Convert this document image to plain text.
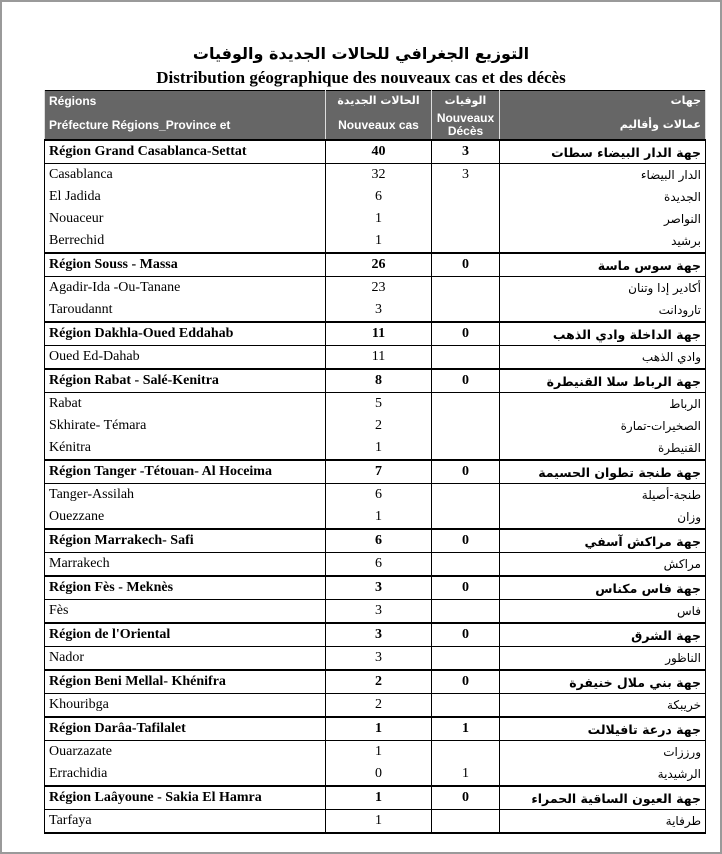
التوزيع الجغرافي للحالات الجديدة والوفيات
Distribution géographique des nouveaux cas et des décès
Régions	الحالات الجديدة	الوفيات	جهات
Préfecture Régions_Province et	Nouveaux cas	Nouveaux Décès	عمالات وأقاليم
Région Grand Casablanca-Settat	40	3	جهة الدار البيضاء سطات
Casablanca	32	3	الدار البيضاء
El Jadida	6		الجديدة
Nouaceur	1		النواصر
Berrechid	1		برشيد
Région Souss - Massa	26	0	جهة سوس ماسة
Agadir-Ida -Ou-Tanane	23		أكادير إدا وتنان
Taroudannt	3		تارودانت
Région Dakhla-Oued Eddahab	11	0	جهة الداخلة وادي الذهب
Oued Ed-Dahab	11		وادي الذهب
Région Rabat - Salé-Kenitra	8	0	جهة الرباط سلا القنيطرة
Rabat	5		الرباط
Skhirate- Témara	2		الصخيرات-تمارة
Kénitra	1		القنيطرة
Région Tanger -Tétouan- Al Hoceima	7	0	جهة طنجة تطوان الحسيمة
Tanger-Assilah	6		طنجة-أصيلة
Ouezzane	1		وزان
Région Marrakech- Safi	6	0	جهة مراكش آسفي
Marrakech	6		مراكش
Région Fès - Meknès	3	0	جهة فاس مكناس
Fès	3		فاس
Région de l'Oriental	3	0	جهة الشرق
Nador	3		الناظور
Région Beni Mellal- Khénifra	2	0	جهة بني ملال خنيفرة
Khouribga	2		خريبكة
Région Darâa-Tafilalet	1	1	جهة درعة تافيلالت
Ouarzazate	1		ورززات
Errachidia	0	1	الرشيدية
Région Laâyoune - Sakia El Hamra	1	0	جهة العيون الساقية الحمراء
Tarfaya	1		طرفاية
